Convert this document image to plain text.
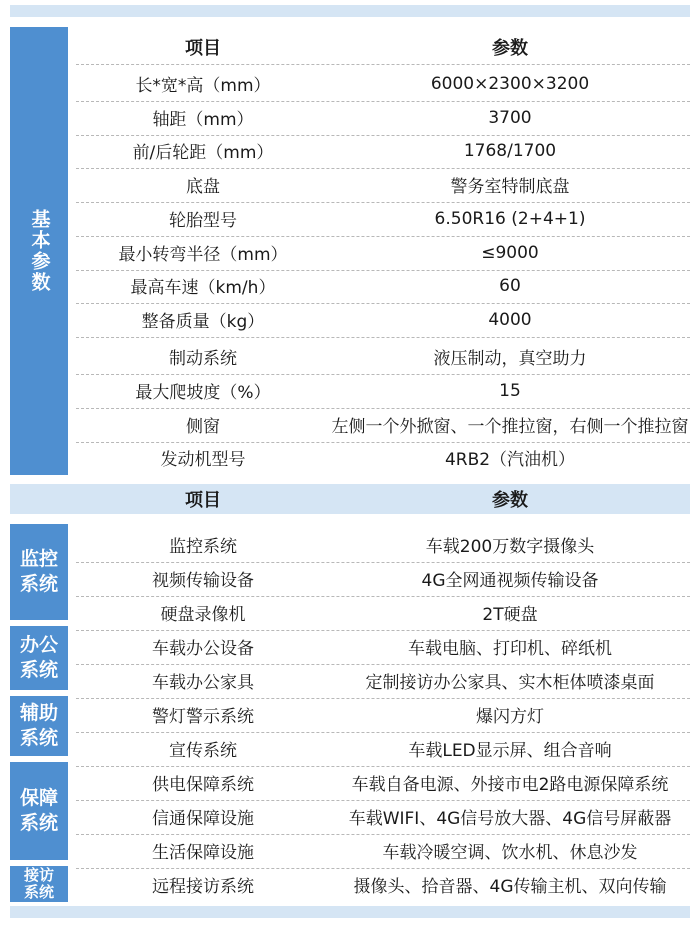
基本参数
项目	参数
长*宽*高（mm）	6000×2300×3200
轴距（mm）	3700
前/后轮距（mm）	1768/1700
底盘	警务室特制底盘
轮胎型号	6.50R16 (2+4+1)
最小转弯半径（mm）	≤9000
最高车速（km/h）	60
整备质量（kg）	4000
制动系统	液压制动，真空助力
最大爬坡度（%）	15
侧窗	左侧一个外掀窗、一个推拉窗，右侧一个推拉窗
发动机型号	4RB2（汽油机）
项目	参数
监控
系统
监控系统	车载200万数字摄像头
视频传输设备	4G全网通视频传输设备
硬盘录像机	2T硬盘
办公
系统
车载办公设备	车载电脑、打印机、碎纸机
车载办公家具	定制接访办公家具、实木柜体喷漆桌面
辅助
系统
警灯警示系统	爆闪方灯
宣传系统	车载LED显示屏、组合音响
保障
系统
供电保障系统	车载自备电源、外接市电2路电源保障系统
信通保障设施	车载WIFI、4G信号放大器、4G信号屏蔽器
生活保障设施	车载冷暖空调、饮水机、休息沙发
接访
系统	远程接访系统	摄像头、拾音器、4G传输主机、双向传输
